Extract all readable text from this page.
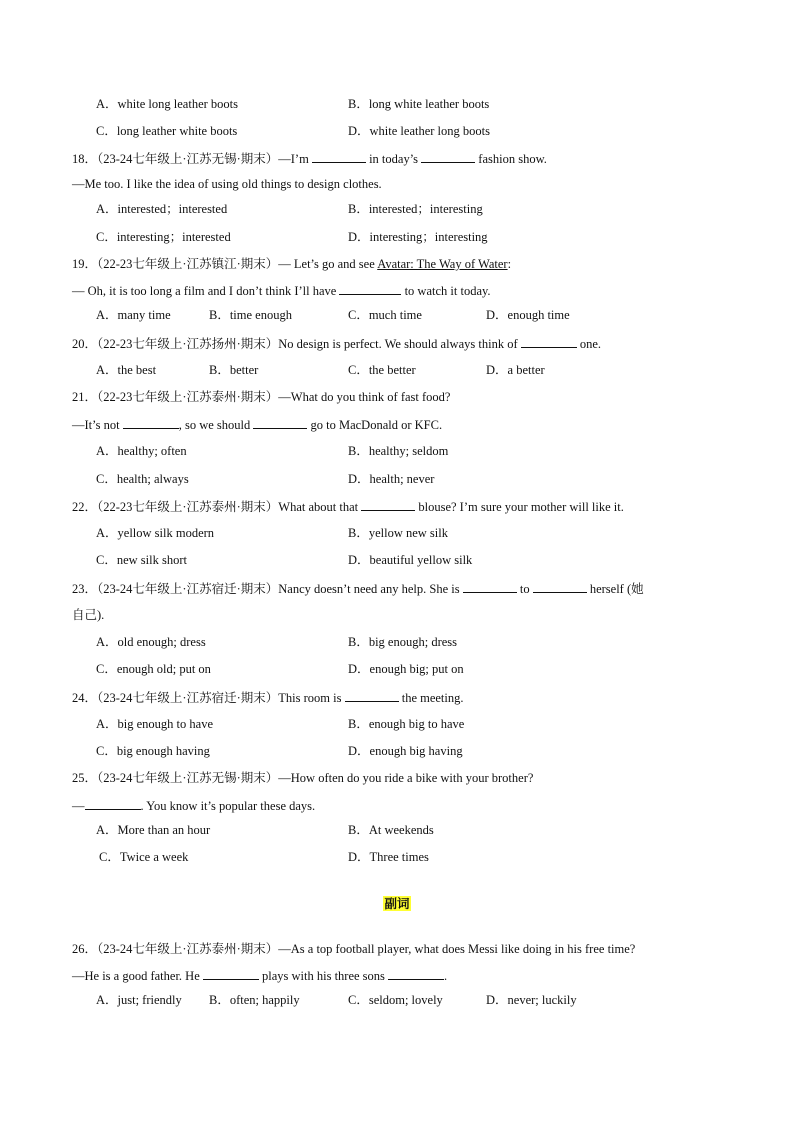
A．white long leather boots	B．long white leather boots
C．long leather white boots	D．white leather long boots
18．（23-24七年级上·江苏无锡·期末）—I’m	in today’s	fashion show.
—Me too. I like the idea of using old things to design clothes.
A．interested；interested	B．interested；interesting
C．interesting；interested	D．interesting；interesting
19．（22-23七年级上·江苏镇江·期末）— Let’s go and see Avatar: The Way of Water:
— Oh, it is too long a film and I don’t think I’ll have	to watch it today.
A．many time	B．time enough	C．much time	D．enough time
20．（22-23七年级上·江苏扬州·期末）No design is perfect. We should always think of	one.
A．the best	B．better	C．the better	D．a better
21．（22-23七年级上·江苏泰州·期末）—What do you think of fast food?
—It’s not	, so we should	go to MacDonald or KFC.
A．healthy; often	B．healthy; seldom
C．health; always	D．health; never
22．（22-23七年级上·江苏泰州·期末）What about that	blouse? I’m sure your mother will like it.
A．yellow silk modern	B．yellow new silk
C．new silk short	D．beautiful yellow silk
23．（23-24七年级上·江苏宿迁·期末）Nancy doesn’t need any help. She is	to	herself (她
自己).
A．old enough; dress	B．big enough; dress
C．enough old; put on	D．enough big; put on
24．（23-24七年级上·江苏宿迁·期末）This room is	the meeting.
A．big enough to have	B．enough big to have
C．big enough having	D．enough big having
25．（23-24七年级上·江苏无锡·期末）—How often do you ride a bike with your brother?
—	. You know it’s popular these days.
A．More than an hour	B．At weekends
C．Twice a week	D．Three times
副词
26．（23-24七年级上·江苏泰州·期末）—As a top football player, what does Messi like doing in his free time?
—He is a good father. He	plays with his three sons	.
A．just; friendly B．often; happily	C．seldom; lovely	D．never; luckily
